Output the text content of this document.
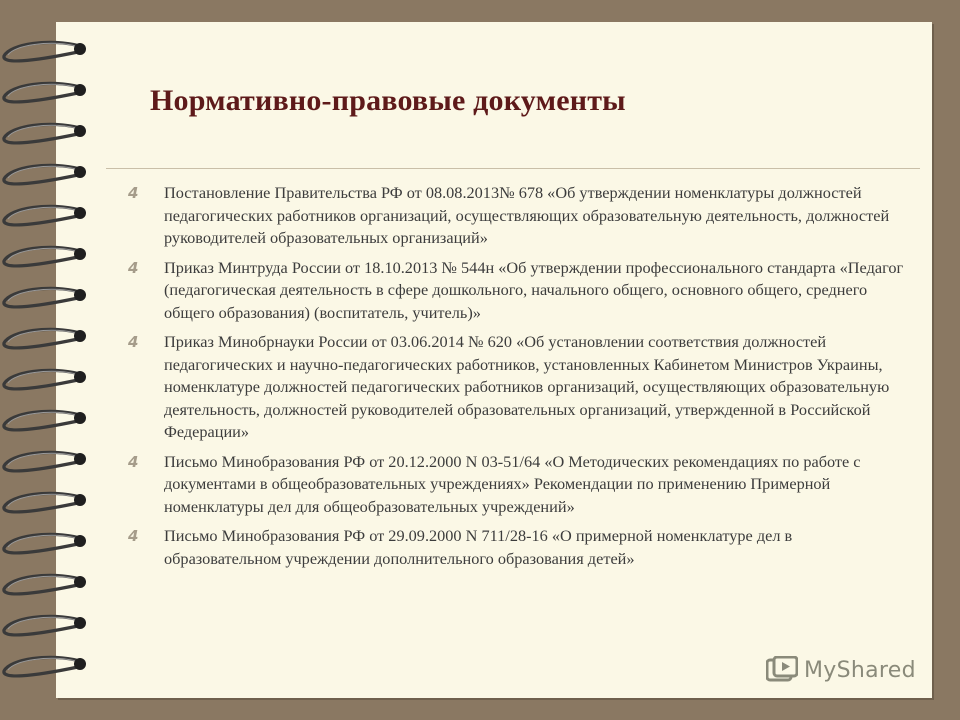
Нормативно-правовые документы
4 Постановление Правительства РФ от 08.08.2013№ 678 «Об утверждении номенклатуры должностей педагогических работников организаций, осуществляющих образовательную деятельность, должностей руководителей образовательных организаций»
4 Приказ Минтруда России от 18.10.2013 № 544н «Об утверждении профессионального стандарта «Педагог (педагогическая деятельность в сфере дошкольного, начального общего, основного общего, среднего общего образования) (воспитатель, учитель)»
4 Приказ Минобрнауки России от 03.06.2014 № 620 «Об установлении соответствия должностей педагогических и научно-педагогических работников, установленных Кабинетом Министров Украины, номенклатуре должностей педагогических работников организаций, осуществляющих образовательную деятельность, должностей руководителей образовательных организаций, утвержденной в Российской Федерации»
4 Письмо Минобразования РФ от 20.12.2000 N 03-51/64 «О Методических рекомендациях по работе с документами в общеобразовательных учреждениях» Рекомендации по применению Примерной номенклатуры дел для общеобразовательных учреждений»
4 Письмо Минобразования РФ от 29.09.2000 N 711/28-16 «О примерной номенклатуре дел в образовательном учреждении дополнительного образования детей»
MyShared
